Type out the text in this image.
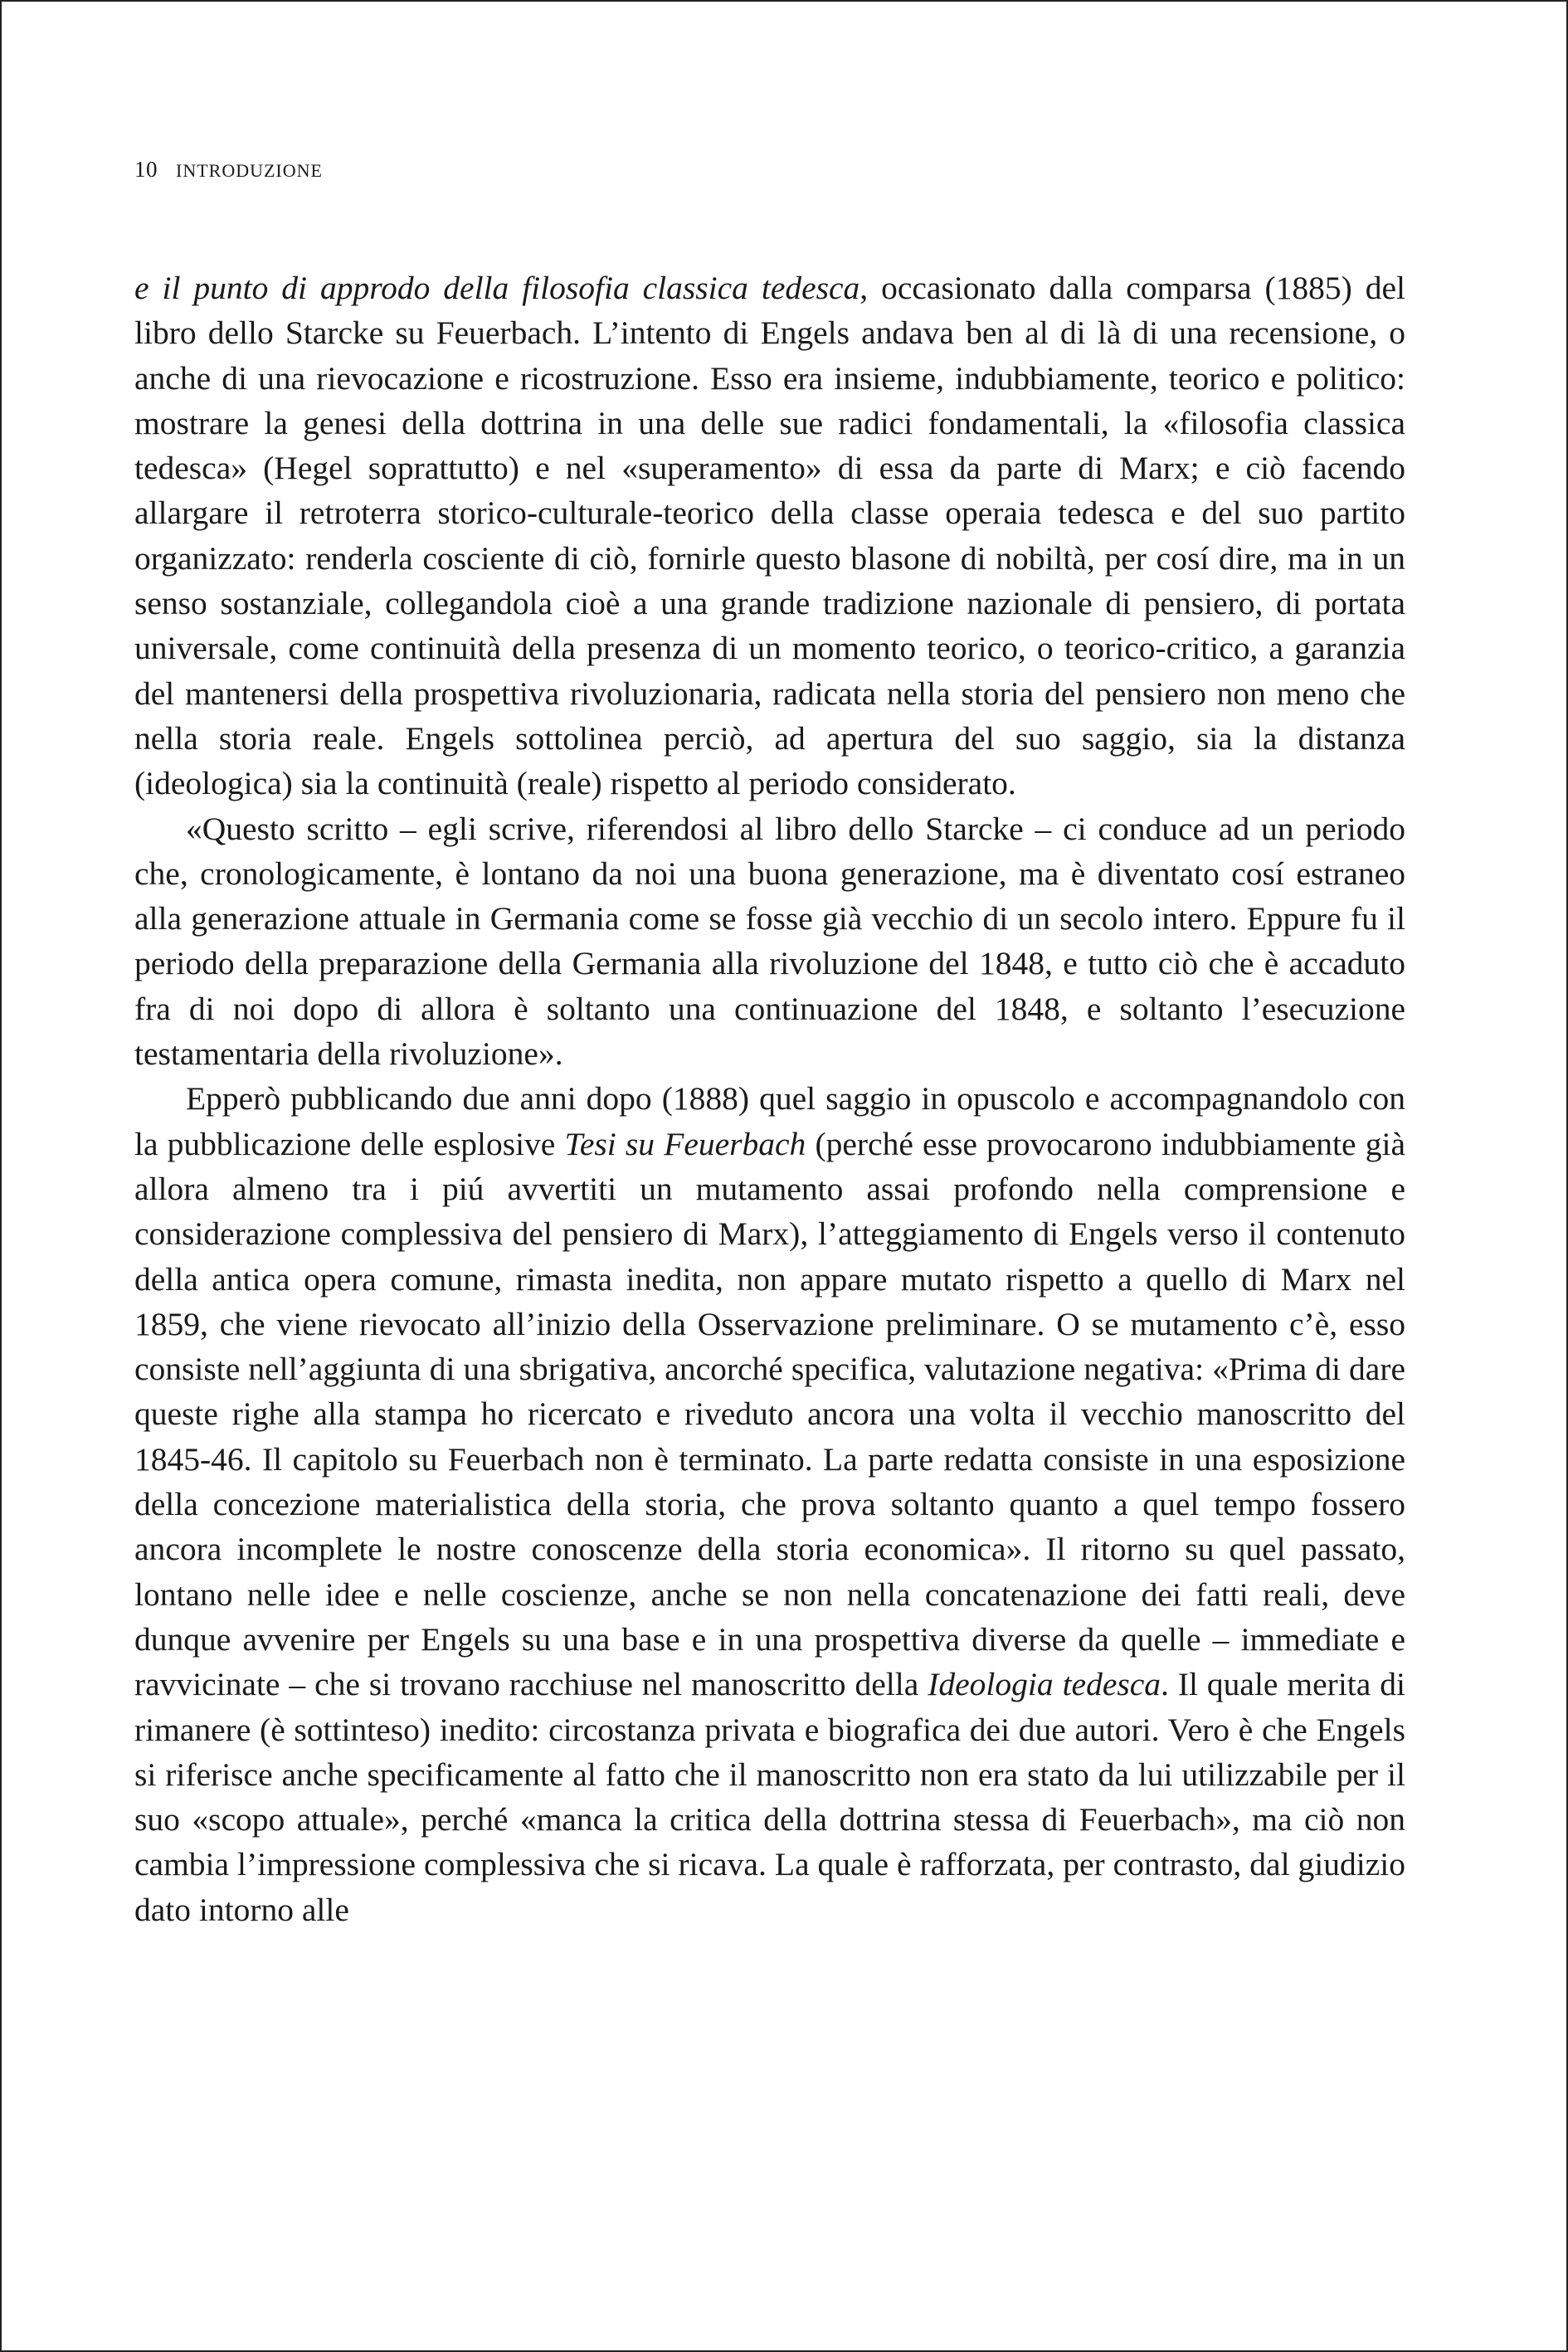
10 INTRODUZIONE

e il punto di approdo della filosofia classica tedesca, occasionato dalla comparsa (1885) del libro dello Starcke su Feuerbach. L’intento di Engels andava ben al di là di una recensione, o anche di una rievocazione e ricostruzione. Esso era insieme, indubbiamente, teorico e politico: mostrare la genesi della dottrina in una delle sue radici fondamentali, la «filosofia classica tedesca» (Hegel soprattutto) e nel «superamento» di essa da parte di Marx; e ciò facendo allargare il retroterra storico-culturale-teorico della classe operaia tedesca e del suo partito organizzato: renderla cosciente di ciò, fornirle questo blasone di nobiltà, per cosí dire, ma in un senso sostanziale, collegandola cioè a una grande tradizione nazionale di pensiero, di portata universale, come continuità della presenza di un momento teorico, o teorico-critico, a garanzia del mantenersi della prospettiva rivoluzionaria, radicata nella storia del pensiero non meno che nella storia reale. Engels sottolinea perciò, ad apertura del suo saggio, sia la distanza (ideologica) sia la continuità (reale) rispetto al periodo considerato.

«Questo scritto – egli scrive, riferendosi al libro dello Starcke – ci conduce ad un periodo che, cronologicamente, è lontano da noi una buona generazione, ma è diventato cosí estraneo alla generazione attuale in Germania come se fosse già vecchio di un secolo intero. Eppure fu il periodo della preparazione della Germania alla rivoluzione del 1848, e tutto ciò che è accaduto fra di noi dopo di allora è soltanto una continuazione del 1848, e soltanto l’esecuzione testamentaria della rivoluzione».

Epperò pubblicando due anni dopo (1888) quel saggio in opuscolo e accompagnandolo con la pubblicazione delle esplosive Tesi su Feuerbach (perché esse provocarono indubbiamente già allora almeno tra i piú avvertiti un mutamento assai profondo nella comprensione e considerazione complessiva del pensiero di Marx), l’atteggiamento di Engels verso il contenuto della antica opera comune, rimasta inedita, non appare mutato rispetto a quello di Marx nel 1859, che viene rievocato all’inizio della Osservazione preliminare. O se mutamento c’è, esso consiste nell’aggiunta di una sbrigativa, ancorché specifica, valutazione negativa: «Prima di dare queste righe alla stampa ho ricercato e riveduto ancora una volta il vecchio manoscritto del 1845-46. Il capitolo su Feuerbach non è terminato. La parte redatta consiste in una esposizione della concezione materialistica della storia, che prova soltanto quanto a quel tempo fossero ancora incomplete le nostre conoscenze della storia economica». Il ritorno su quel passato, lontano nelle idee e nelle coscienze, anche se non nella concatenazione dei fatti reali, deve dunque avvenire per Engels su una base e in una prospettiva diverse da quelle – immediate e ravvicinate – che si trovano racchiuse nel manoscritto della Ideologia tedesca. Il quale merita di rimanere (è sottinteso) inedito: circostanza privata e biografica dei due autori. Vero è che Engels si riferisce anche specificamente al fatto che il manoscritto non era stato da lui utilizzabile per il suo «scopo attuale», perché «manca la critica della dottrina stessa di Feuerbach», ma ciò non cambia l’impressione complessiva che si ricava. La quale è rafforzata, per contrasto, dal giudizio dato intorno alle
